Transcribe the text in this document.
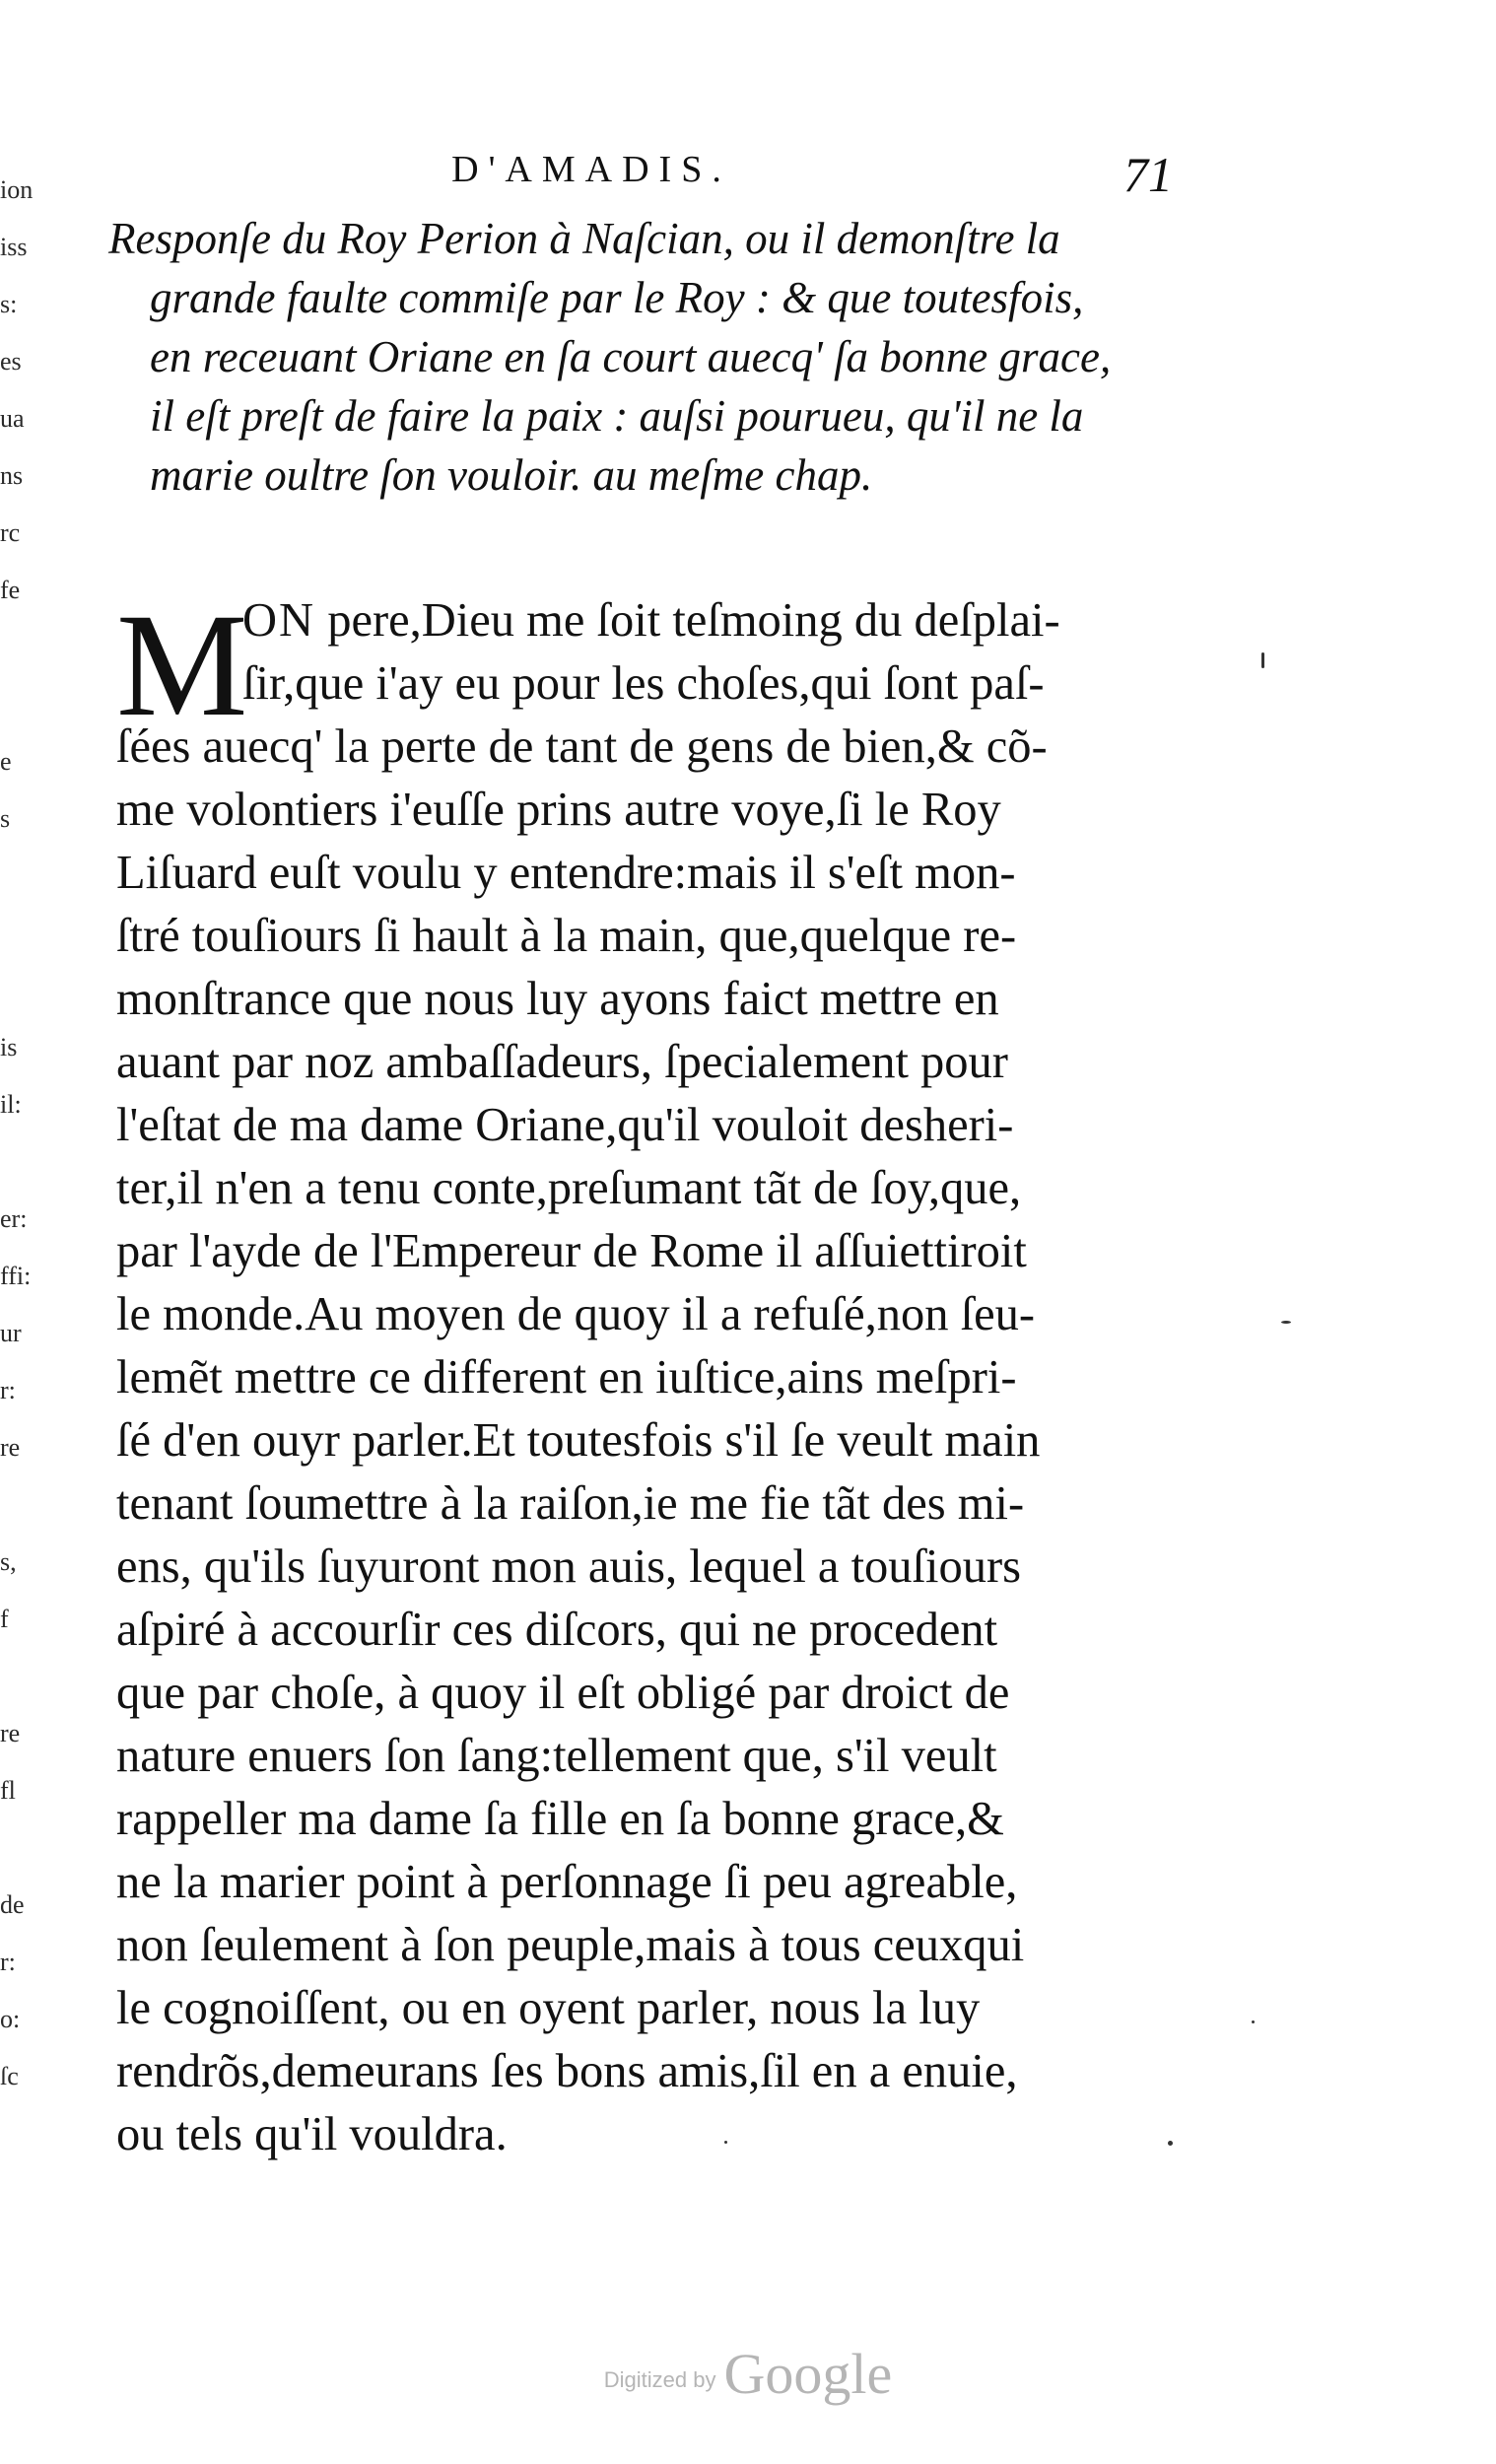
ion
iss
s:
es
ua
ns
rc
fe
e
s
is
il:
er:
ffi:
ur
r:
re
s,
f
re
fl
de
r:
o:
ſc
D'AMADIS.	71
Responſe du Roy Perion à Naſcian, ou il demonſtre la
grande faulte commiſe par le Roy : & que toutesfois,
en receuant Oriane en ſa court auecq' ſa bonne grace,
il eſt preſt de faire la paix : auſsi pourueu, qu'il ne la
marie oultre ſon vouloir. au meſme chap.
M
ON pere,Dieu me ſoit teſmoing du deſplai-
ſir,que i'ay eu pour les choſes,qui ſont paſ-
ſées auecq' la perte de tant de gens de bien,& cõ-
me volontiers i'euſſe prins autre voye,ſi le Roy
Liſuard euſt voulu y entendre:mais il s'eſt mon-
ſtré touſiours ſi hault à la main, que,quelque re-
monſtrance que nous luy ayons faict mettre en
auant par noz ambaſſadeurs, ſpecialement pour
l'eſtat de ma dame Oriane,qu'il vouloit desheri-
ter,il n'en a tenu conte,preſumant tãt de ſoy,que,
par l'ayde de l'Empereur de Rome il aſſuiettiroit
le monde.Au moyen de quoy il a refuſé,non ſeu-
lemẽt mettre ce different en iuſtice,ains meſpri-
ſé d'en ouyr parler.Et toutesfois s'il ſe veult main
tenant ſoumettre à la raiſon,ie me fie tãt des mi-
ens, qu'ils ſuyuront mon auis, lequel a touſiours
aſpiré à accourſir ces diſcors, qui ne procedent
que par choſe, à quoy il eſt obligé par droict de
nature enuers ſon ſang:tellement que, s'il veult
rappeller ma dame ſa fille en ſa bonne grace,&
ne la marier point à perſonnage ſi peu agreable,
non ſeulement à ſon peuple,mais à tous ceuxqui
le cognoiſſent, ou en oyent parler, nous la luy
rendrõs,demeurans ſes bons amis,ſil en a enuie,
ou tels qu'il vouldra.
Digitized by Google
